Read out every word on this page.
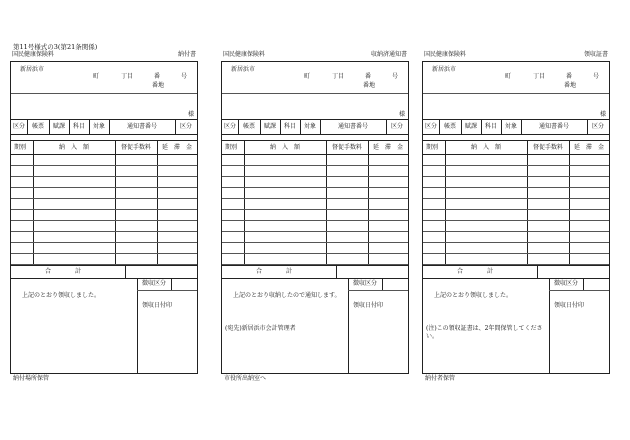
第11号様式の3(第21条関係)
国民健康保険料	納付書
新居浜市
町	丁目	番	号
番地
様
合　　　　計
徴収区分
上記のとおり領収しました。
領収日付印
区分	帳票	賦課	科目	対象	通知書番号	区分
期別	納　入　額	督促手数料	延　滞　金
納付場所保管
国民健康保険料	収納済通知書
新居浜市
町	丁目	番	号
番地
様
合　　　　計
徴収区分
上記のとおり収納したので通知します。
領収日付印
(宛先)新居浜市会計管理者
区分	帳票	賦課	科目	対象	通知書番号	区分
期別	納　入　額	督促手数料	延　滞　金
市役所出納室へ
国民健康保険料	領収証書
新居浜市
町	丁目	番	号
番地
様
合　　　　計
徴収区分
上記のとおり領収しました。
領収日付印
(注)この領収証書は、2年間保管してください。
区分	帳票	賦課	科目	対象	通知書番号	区分
期別	納　入　額	督促手数料	延　滞　金
納付者保管
